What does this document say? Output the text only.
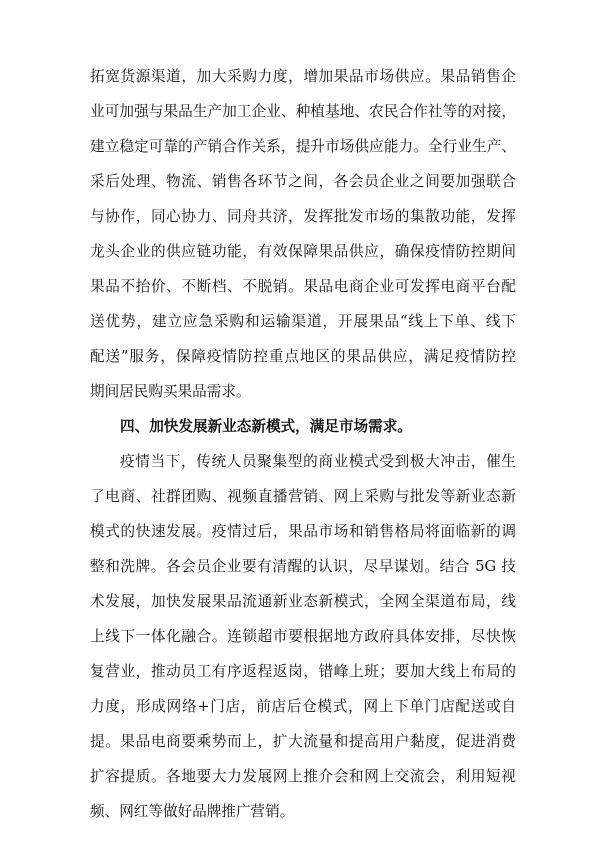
拓宽货源渠道，加大采购力度，增加果品市场供应。果品销售企
业可加强与果品生产加工企业、种植基地、农民合作社等的对接，
建立稳定可靠的产销合作关系，提升市场供应能力。全行业生产、
采后处理、物流、销售各环节之间，各会员企业之间要加强联合
与协作，同心协力、同舟共济，发挥批发市场的集散功能，发挥
龙头企业的供应链功能，有效保障果品供应，确保疫情防控期间
果品不抬价、不断档、不脱销。果品电商企业可发挥电商平台配
送优势，建立应急采购和运输渠道，开展果品“线上下单、线下
配送”服务，保障疫情防控重点地区的果品供应，满足疫情防控
期间居民购买果品需求。
四、加快发展新业态新模式，满足市场需求。
疫情当下，传统人员聚集型的商业模式受到极大冲击，催生
了电商、社群团购、视频直播营销、网上采购与批发等新业态新
模式的快速发展。疫情过后，果品市场和销售格局将面临新的调
整和洗牌。各会员企业要有清醒的认识，尽早谋划。结合 5G 技
术发展，加快发展果品流通新业态新模式，全网全渠道布局，线
上线下一体化融合。连锁超市要根据地方政府具体安排，尽快恢
复营业，推动员工有序返程返岗，错峰上班；要加大线上布局的
力度，形成网络+门店，前店后仓模式，网上下单门店配送或自
提。果品电商要乘势而上，扩大流量和提高用户黏度，促进消费
扩容提质。各地要大力发展网上推介会和网上交流会，利用短视
频、网红等做好品牌推广营销。
